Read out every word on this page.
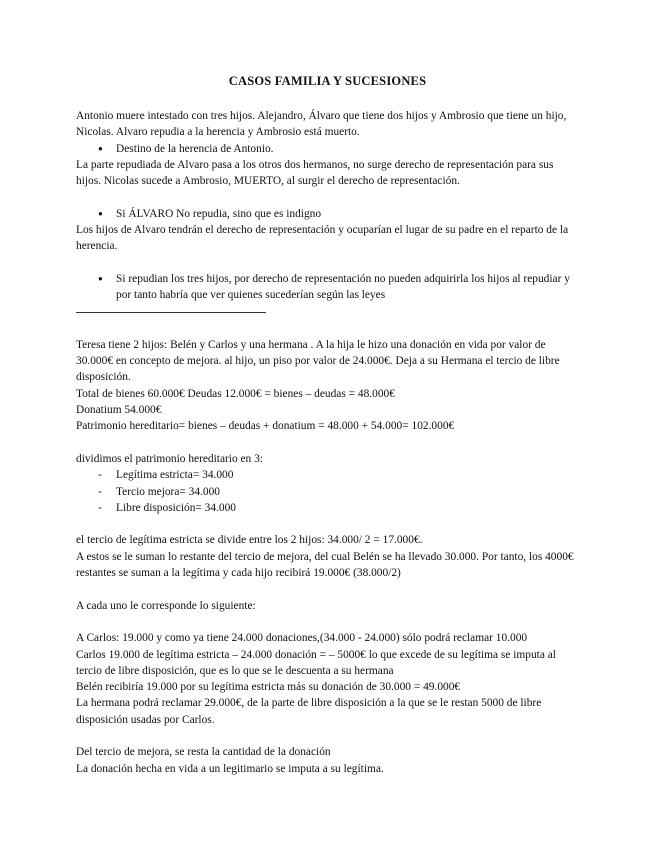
CASOS FAMILIA Y SUCESIONES

Antonio muere intestado con tres hijos. Alejandro, Álvaro que tiene dos hijos y Ambrosio que tiene un hijo, Nicolas. Alvaro repudia a la herencia y Ambrosio está muerto.

● Destino de la herencia de Antonio.

La parte repudiada de Alvaro pasa a los otros dos hermanos, no surge derecho de representación para sus hijos. Nicolas sucede a Ambrosio, MUERTO, al surgir el derecho de representación.

● Si ÁLVARO No repudia, sino que es indigno

Los hijos de Alvaro tendrán el derecho de representación y ocuparían el lugar de su padre en el reparto de la herencia.

● Si repudian los tres hijos, por derecho de representación no pueden adquirirla los hijos al repudiar y por tanto habría que ver quienes sucederían según las leyes

Teresa tiene 2 hijos: Belén y Carlos y una hermana . A la hija le hizo una donación en vida por valor de 30.000€ en concepto de mejora. al hijo, un piso por valor de 24.000€. Deja a su Hermana el tercio de libre disposición.

Total de bienes 60.000€ Deudas 12.000€ = bienes – deudas = 48.000€

Donatium 54.000€

Patrimonio hereditario= bienes – deudas + donatium = 48.000 + 54.000= 102.000€

dividimos el patrimonio hereditario en 3:

- Legítima estricta= 34.000
- Tercio mejora= 34.000
- Libre disposición= 34.000

el tercio de legítima estricta se divide entre los 2 hijos: 34.000/ 2 = 17.000€.

A estos se le suman lo restante del tercio de mejora, del cual Belén se ha llevado 30.000. Por tanto, los 4000€ restantes se suman a la legítima y cada hijo recibirá 19.000€ (38.000/2)

A cada uno le corresponde lo siguiente:

A Carlos: 19.000 y como ya tiene 24.000 donaciones,(34.000 - 24.000) sólo podrá reclamar 10.000

Carlos 19.000 de legítima estricta – 24.000 donación = – 5000€ lo que excede de su legítima se imputa al tercio de libre disposición, que es lo que se le descuenta a su hermana

Belén recibiría 19.000 por su legítima estricta más su donación de 30.000 = 49.000€

La hermana podrá reclamar 29.000€, de la parte de libre disposición a la que se le restan 5000 de libre disposición usadas por Carlos.

Del tercio de mejora, se resta la cantidad de la donación

La donación hecha en vida a un legitimario se imputa a su legítima.
